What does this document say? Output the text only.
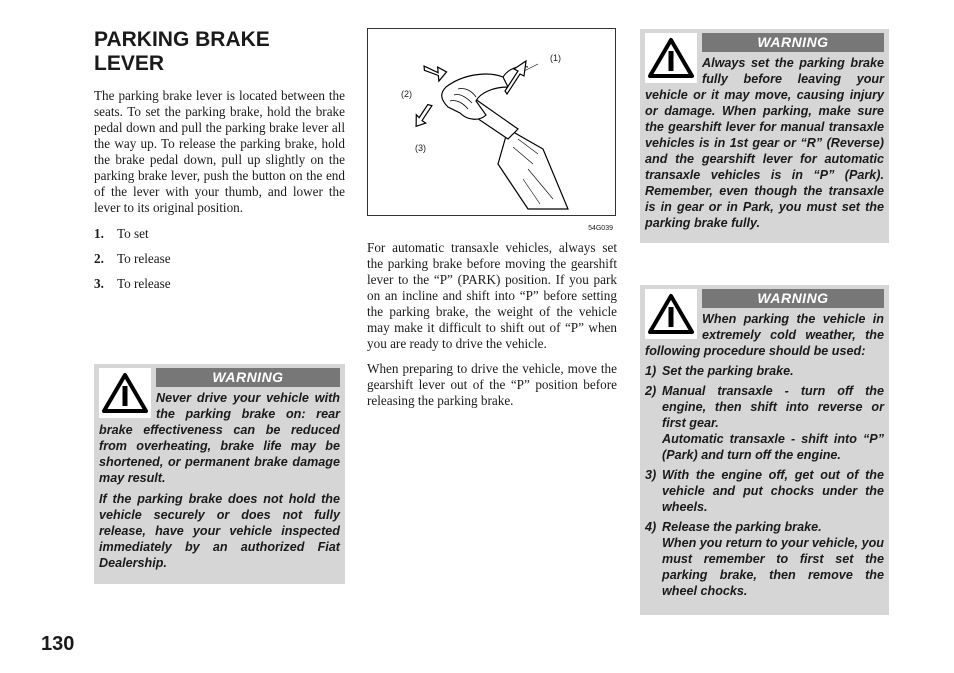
PARKING BRAKE LEVER

The parking brake lever is located between the seats. To set the parking brake, hold the brake pedal down and pull the parking brake lever all the way up. To release the parking brake, hold the brake pedal down, pull up slightly on the parking brake lever, push the button on the end of the lever with your thumb, and lower the lever to its original position.

1. To set
2. To release
3. To release
WARNING

Never drive your vehicle with the parking brake on: rear brake effectiveness can be reduced from overheating, brake life may be shortened, or permanent brake damage may result.

If the parking brake does not hold the vehicle securely or does not fully release, have your vehicle inspected immediately by an authorized Fiat Dealership.

(1)
(2)
(3)
54G039

For automatic transaxle vehicles, always set the parking brake before moving the gearshift lever to the “P” (PARK) position. If you park on an incline and shift into “P” before setting the parking brake, the weight of the vehicle may make it difficult to shift out of “P” when you are ready to drive the vehicle.

When preparing to drive the vehicle, move the gearshift lever out of the “P” position before releasing the parking brake.

WARNING

Always set the parking brake fully before leaving your vehicle or it may move, causing injury or damage. When parking, make sure the gearshift lever for manual transaxle vehicles is in 1st gear or “R” (Reverse) and the gearshift lever for automatic transaxle vehicles is in “P” (Park). Remember, even though the transaxle is in gear or in Park, you must set the parking brake fully.

WARNING

When parking the vehicle in extremely cold weather, the following procedure should be used:

1) Set the parking brake.
2) Manual transaxle - turn off the engine, then shift into reverse or first gear.
Automatic transaxle - shift into “P” (Park) and turn off the engine.
3) With the engine off, get out of the vehicle and put chocks under the wheels.
4) Release the parking brake.
When you return to your vehicle, you must remember to first set the parking brake, then remove the wheel chocks.
130
